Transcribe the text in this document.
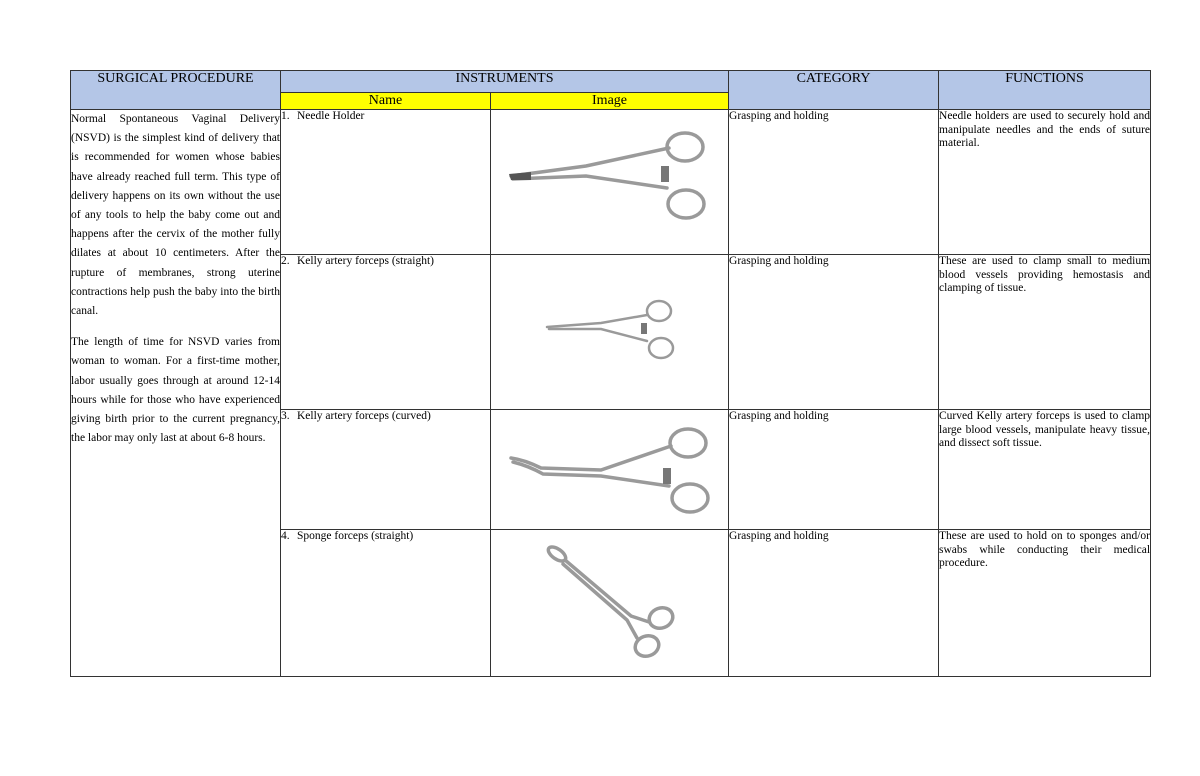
SURGICAL PROCEDURE	INSTRUMENTS		CATEGORY	FUNCTIONS
	Name	Image		

Normal Spontaneous Vaginal Delivery (NSVD) is the simplest kind of delivery that is recommended for women whose babies have already reached full term. This type of delivery happens on its own without the use of any tools to help the baby come out and happens after the cervix of the mother fully dilates at about 10 centimeters. After the rupture of membranes, strong uterine contractions help push the baby into the birth canal.

The length of time for NSVD varies from woman to woman. For a first-time mother, labor usually goes through at around 12-14 hours while for those who have experienced giving birth prior to the current pregnancy, the labor may only last at about 6-8 hours.	1. Needle Holder		Grasping and holding	Needle holders are used to securely hold and manipulate needles and the ends of suture material.
	2. Kelly artery forceps (straight)		Grasping and holding	These are used to clamp small to medium blood vessels providing hemostasis and clamping of tissue.
	3. Kelly artery forceps (curved)		Grasping and holding	Curved Kelly artery forceps is used to clamp large blood vessels, manipulate heavy tissue, and dissect soft tissue.
	4. Sponge forceps (straight)		Grasping and holding	These are used to hold on to sponges and/or swabs while conducting their medical procedure.
